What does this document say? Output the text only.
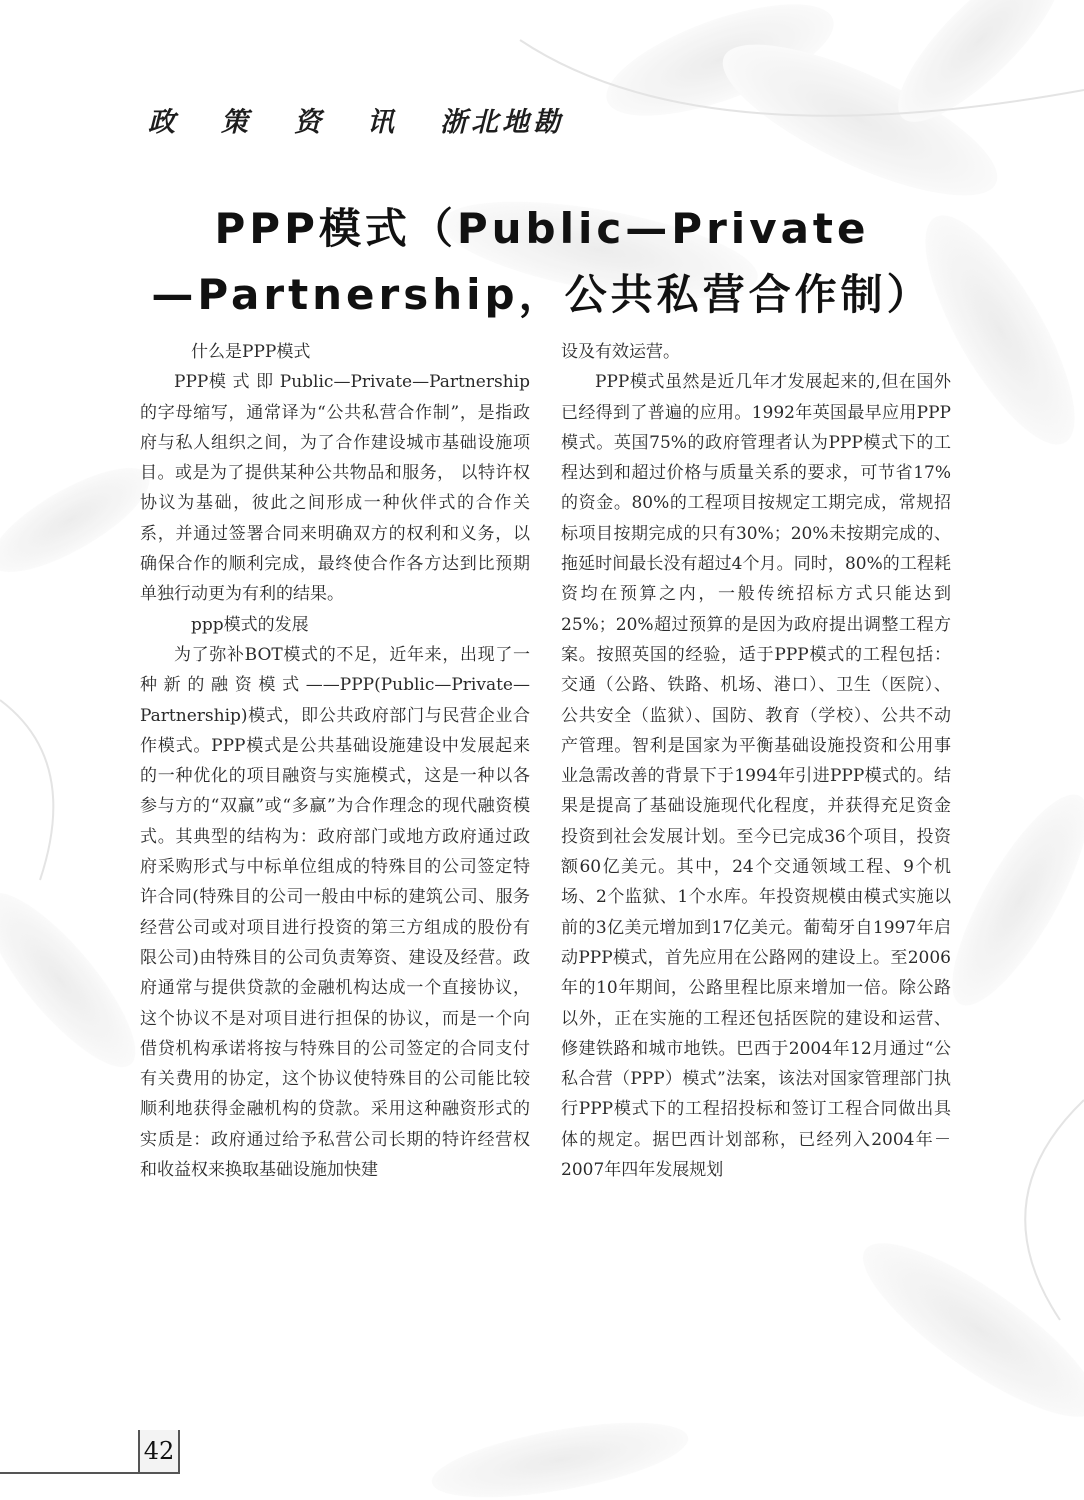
政 策 资 讯 浙北地勘
PPP模式（Public—Private
—Partnership，公共私营合作制）

什么是PPP模式

PPP模 式 即 Public—Private—Partnership的字母缩写，通常译为“公共私营合作制”，是指政府与私人组织之间，为了合作建设城市基础设施项目。或是为了提供某种公共物品和服务， 以特许权协议为基础，彼此之间形成一种伙伴式的合作关系，并通过签署合同来明确双方的权利和义务，以确保合作的顺利完成，最终使合作各方达到比预期单独行动更为有利的结果。

ppp模式的发展

为了弥补BOT模式的不足，近年来，出现了一种新的融资模式——PPP(Public—Private—Partnership)模式，即公共政府部门与民营企业合作模式。PPP模式是公共基础设施建设中发展起来的一种优化的项目融资与实施模式，这是一种以各参与方的“双赢”或“多赢”为合作理念的现代融资模式。其典型的结构为：政府部门或地方政府通过政府采购形式与中标单位组成的特殊目的公司签定特许合同(特殊目的公司一般由中标的建筑公司、服务经营公司或对项目进行投资的第三方组成的股份有限公司)由特殊目的公司负责筹资、建设及经营。政府通常与提供贷款的金融机构达成一个直接协议，这个协议不是对项目进行担保的协议，而是一个向借贷机构承诺将按与特殊目的公司签定的合同支付有关费用的协定，这个协议使特殊目的公司能比较顺利地获得金融机构的贷款。采用这种融资形式的实质是：政府通过给予私营公司长期的特许经营权和收益权来换取基础设施加快建

设及有效运营。

PPP模式虽然是近几年才发展起来的,但在国外已经得到了普遍的应用。1992年英国最早应用PPP模式。英国75%的政府管理者认为PPP模式下的工程达到和超过价格与质量关系的要求，可节省17%的资金。80%的工程项目按规定工期完成，常规招标项目按期完成的只有30%；20%未按期完成的、拖延时间最长没有超过4个月。同时，80%的工程耗资均在预算之内，一般传统招标方式只能达到25%；20%超过预算的是因为政府提出调整工程方案。按照英国的经验，适于PPP模式的工程包括：交通（公路、铁路、机场、港口）、卫生（医院）、公共安全（监狱）、国防、教育（学校）、公共不动产管理。智利是国家为平衡基础设施投资和公用事业急需改善的背景下于1994年引进PPP模式的。结果是提高了基础设施现代化程度，并获得充足资金投资到社会发展计划。至今已完成36个项目，投资额60亿美元。其中，24个交通领域工程、9个机场、2个监狱、1个水库。年投资规模由模式实施以前的3亿美元增加到17亿美元。葡萄牙自1997年启动PPP模式，首先应用在公路网的建设上。至2006年的10年期间，公路里程比原来增加一倍。除公路以外，正在实施的工程还包括医院的建设和运营、修建铁路和城市地铁。巴西于2004年12月通过“公私合营（PPP）模式”法案，该法对国家管理部门执行PPP模式下的工程招投标和签订工程合同做出具体的规定。据巴西计划部称，已经列入2004年－2007年四年发展规划

42
